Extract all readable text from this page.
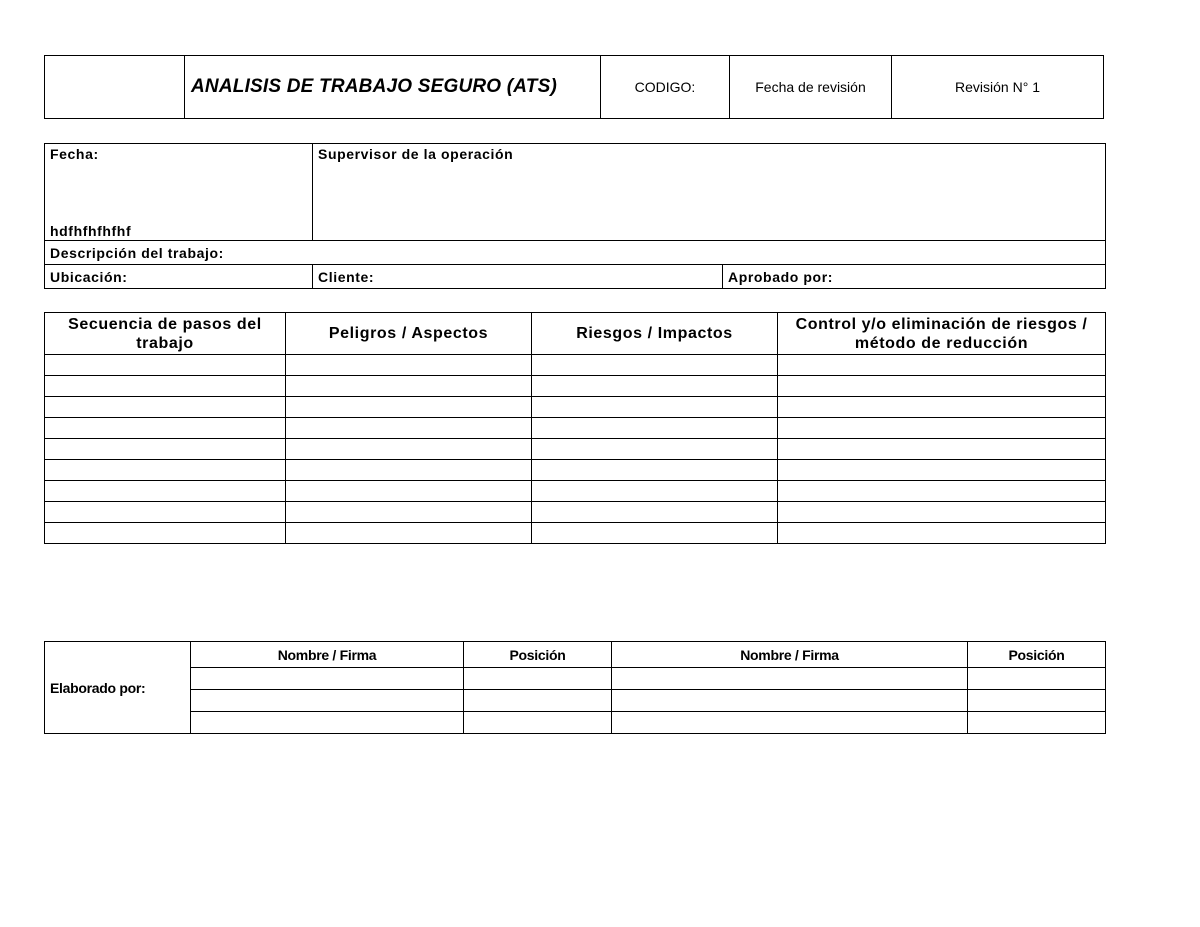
	ANALISIS DE TRABAJO SEGURO (ATS)	CODIGO:	Fecha de revisión	Revisión N° 1
Fecha:
hdfhfhfhfhf	Supervisor de la operación	
Descripción del trabajo:		
Ubicación:	Cliente:	Aprobado por:
Secuencia de pasos del trabajo	Peligros / Aspectos	Riesgos / Impactos	Control y/o eliminación de riesgos / método de reducción

Elaborado por:	Nombre / Firma	Posición	Nombre / Firma	Posición
